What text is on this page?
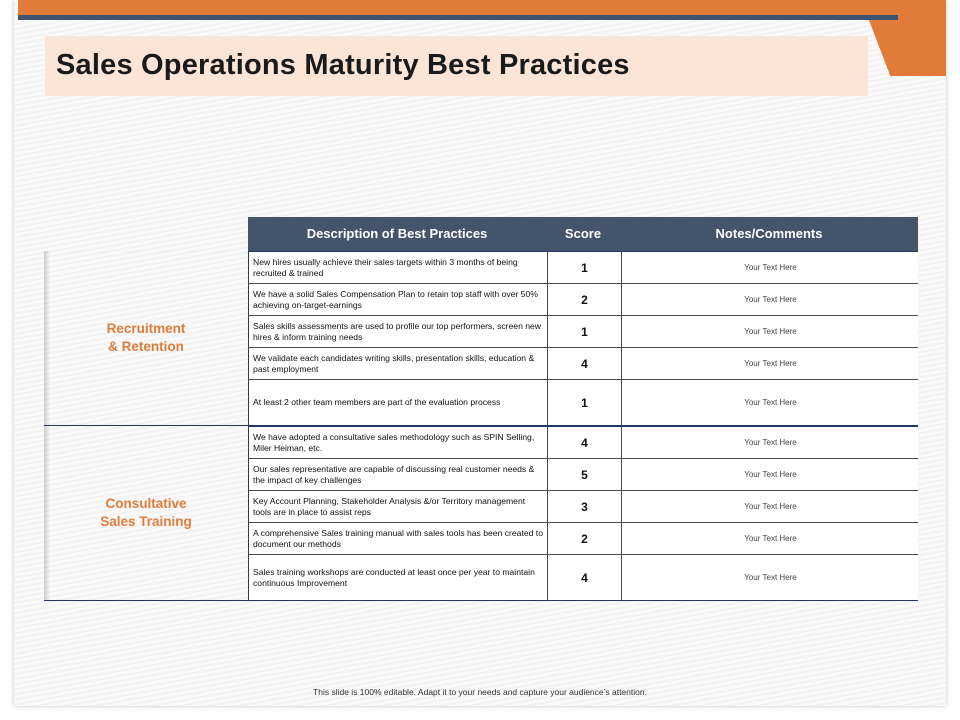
Sales Operations Maturity Best Practices
Description of Best Practices	Score	Notes/Comments
Recruitment
& Retention
New hires usually achieve their sales targets within 3 months of being recruited & trained	1	Your Text Here
We have a solid Sales Compensation Plan to retain top staff with over 50% achieving on-target-earnings	2	Your Text Here
Sales skills assessments are used to profile our top performers, screen new hires & inform training needs	1	Your Text Here
We validate each candidates writing skills, presentation skills, education & past employment	4	Your Text Here
At least 2 other team members are part of the evaluation process	1	Your Text Here
Consultative
Sales Training
We have adopted a consultative sales methodology such as SPIN Selling, Miler Heiman, etc.	4	Your Text Here
Our sales representative are capable of discussing real customer needs & the impact of key challenges	5	Your Text Here
Key Account Planning, Stakeholder Analysis &/or Territory management tools are in place to assist reps	3	Your Text Here
A comprehensive Sales training manual with sales tools has been created to document our methods	2	Your Text Here
Sales training workshops are conducted at least once per year to maintain continuous Improvement	4	Your Text Here
This slide is 100% editable. Adapt it to your needs and capture your audience’s attention.
